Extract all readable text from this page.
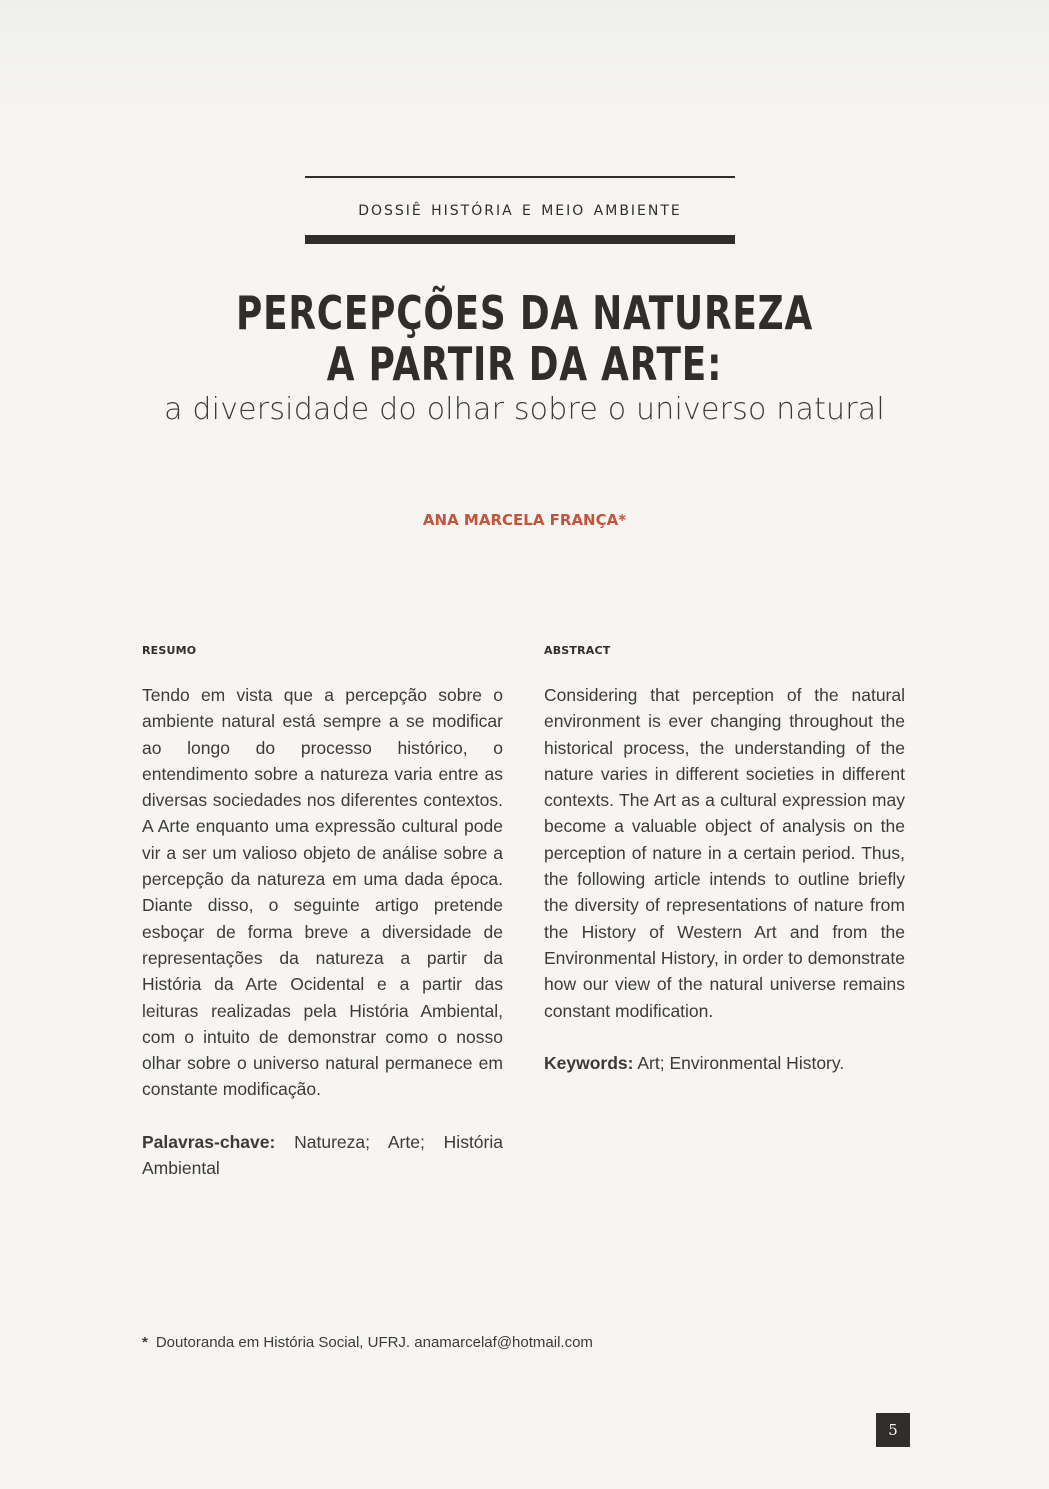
dossiê história e meio ambiente
PERCEPÇÕES DA NATUREZA A PARTIR DA ARTE:
a diversidade do olhar sobre o universo natural
ANA MARCELA FRANÇA*
resumo
Tendo em vista que a percepção sobre o ambiente natural está sempre a se modificar ao longo do processo histórico, o entendimento sobre a natureza varia entre as diversas sociedades nos diferentes contextos. A Arte enquanto uma expressão cultural pode vir a ser um valioso objeto de análise sobre a percepção da natureza em uma dada época. Diante disso, o seguinte artigo pretende esboçar de forma breve a diversidade de representações da natureza a partir da História da Arte Ocidental e a partir das leituras realizadas pela História Ambiental, com o intuito de demonstrar como o nosso olhar sobre o universo natural permanece em constante modificação.
Palavras-chave: Natureza; Arte; História Ambiental
abstract
Considering that perception of the natural environment is ever changing throughout the historical process, the understanding of the nature varies in different societies in different contexts. The Art as a cultural expression may become a valuable object of analysis on the perception of nature in a certain period. Thus, the following article intends to outline briefly the diversity of representations of nature from the History of Western Art and from the Environmental History, in order to demonstrate how our view of the natural universe remains constant modification.
Keywords: Art; Environmental History.
* Doutoranda em História Social, UFRJ. anamarcelaf@hotmail.com
5
